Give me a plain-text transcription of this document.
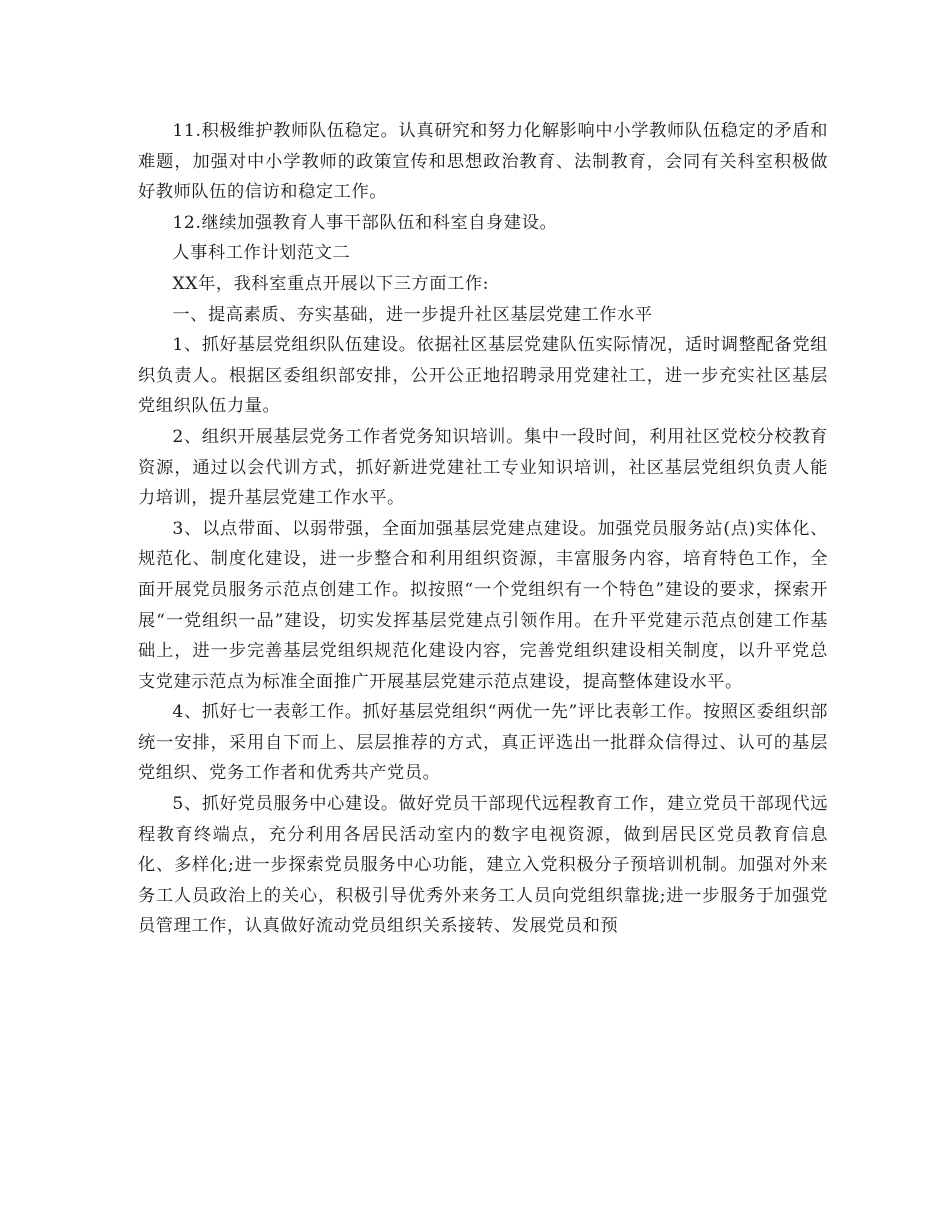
11.积极维护教师队伍稳定。认真研究和努力化解影响中小学教师队伍稳定的矛盾和难题，加强对中小学教师的政策宣传和思想政治教育、法制教育，会同有关科室积极做好教师队伍的信访和稳定工作。

12.继续加强教育人事干部队伍和科室自身建设。

人事科工作计划范文二

XX年，我科室重点开展以下三方面工作:

一、提高素质、夯实基础，进一步提升社区基层党建工作水平

1、抓好基层党组织队伍建设。依据社区基层党建队伍实际情况，适时调整配备党组织负责人。根据区委组织部安排，公开公正地招聘录用党建社工，进一步充实社区基层党组织队伍力量。

2、组织开展基层党务工作者党务知识培训。集中一段时间，利用社区党校分校教育资源，通过以会代训方式，抓好新进党建社工专业知识培训，社区基层党组织负责人能力培训，提升基层党建工作水平。

3、以点带面、以弱带强，全面加强基层党建点建设。加强党员服务站(点)实体化、规范化、制度化建设，进一步整合和利用组织资源，丰富服务内容，培育特色工作，全面开展党员服务示范点创建工作。拟按照“一个党组织有一个特色”建设的要求，探索开展“一党组织一品”建设，切实发挥基层党建点引领作用。在升平党建示范点创建工作基础上，进一步完善基层党组织规范化建设内容，完善党组织建设相关制度，以升平党总支党建示范点为标准全面推广开展基层党建示范点建设，提高整体建设水平。

4、抓好七一表彰工作。抓好基层党组织“两优一先”评比表彰工作。按照区委组织部统一安排，采用自下而上、层层推荐的方式，真正评选出一批群众信得过、认可的基层党组织、党务工作者和优秀共产党员。

5、抓好党员服务中心建设。做好党员干部现代远程教育工作，建立党员干部现代远程教育终端点，充分利用各居民活动室内的数字电视资源，做到居民区党员教育信息化、多样化;进一步探索党员服务中心功能，建立入党积极分子预培训机制。加强对外来务工人员政治上的关心，积极引导优秀外来务工人员向党组织靠拢;进一步服务于加强党员管理工作，认真做好流动党员组织关系接转、发展党员和预
